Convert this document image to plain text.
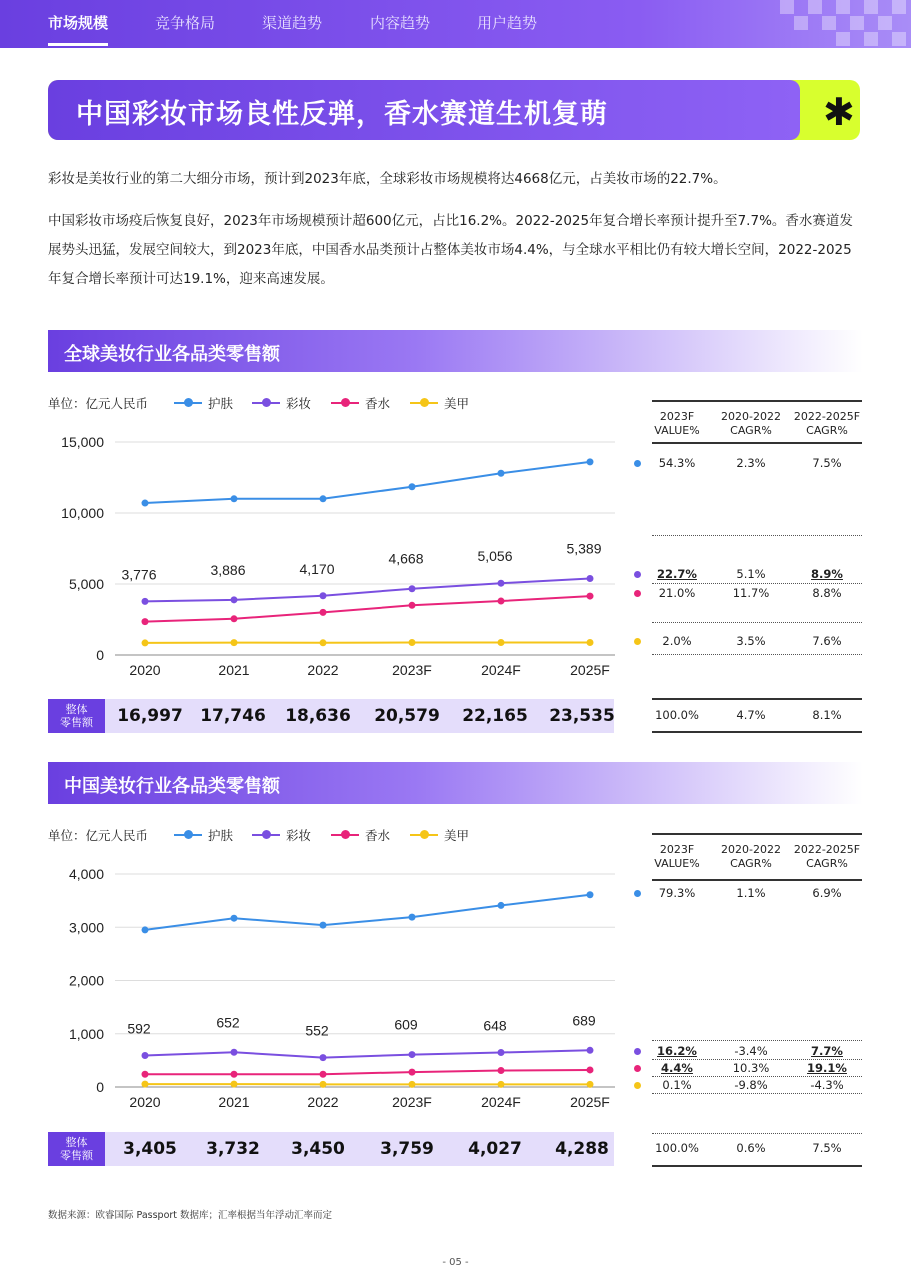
市场规模	竞争格局	渠道趋势	内容趋势	用户趋势
中国彩妆市场良性反弹，香水赛道生机复萌	✱

彩妆是美妆行业的第二大细分市场，预计到2023年底，全球彩妆市场规模将达4668亿元，占美妆市场的22.7%。

中国彩妆市场疫后恢复良好，2023年市场规模预计超600亿元，占比16.2%。2022-2025年复合增长率预计提升至7.7%。香水赛道发展势头迅猛，发展空间较大，到2023年底，中国香水品类预计占整体美妆市场4.4%，与全球水平相比仍有较大增长空间，2022-2025年复合增长率预计可达19.1%，迎来高速发展。

全球美妆行业各品类零售额
单位：亿元人民币	护肤	彩妆	香水	美甲
0
5,000
10,000
15,000
2020	2021	2022	2023F	2024F	2025F
3,776	3,886	4,170
4,668	5,056	5,389
整体
零售额	16,997	17,746	18,636	20,579	22,165	23,535
2023F VALUE%
2020-2022 CAGR%
2022-2025F CAGR%
54.3%	2.3%	7.5%
22.7%	5.1%	8.9%
21.0%	11.7%	8.8%
2.0%	3.5%	7.6%
100.0%	4.7%	8.1%
中国美妆行业各品类零售额
单位：亿元人民币	护肤	彩妆	香水	美甲
0
1,000
2,000
3,000
4,000
2020	2021	2022	2023F	2024F	2025F
592	652
552	609	648	689
整体
零售额	3,405	3,732	3,450	3,759	4,027	4,288
2023F VALUE%
2020-2022 CAGR%
2022-2025F CAGR%
79.3%	1.1%	6.9%
16.2%	-3.4%	7.7%
4.4%	10.3%	19.1%
0.1%	-9.8%	-4.3%
100.0%	0.6%	7.5%
数据来源：欧睿国际 Passport 数据库；汇率根据当年浮动汇率而定
- 05 -
